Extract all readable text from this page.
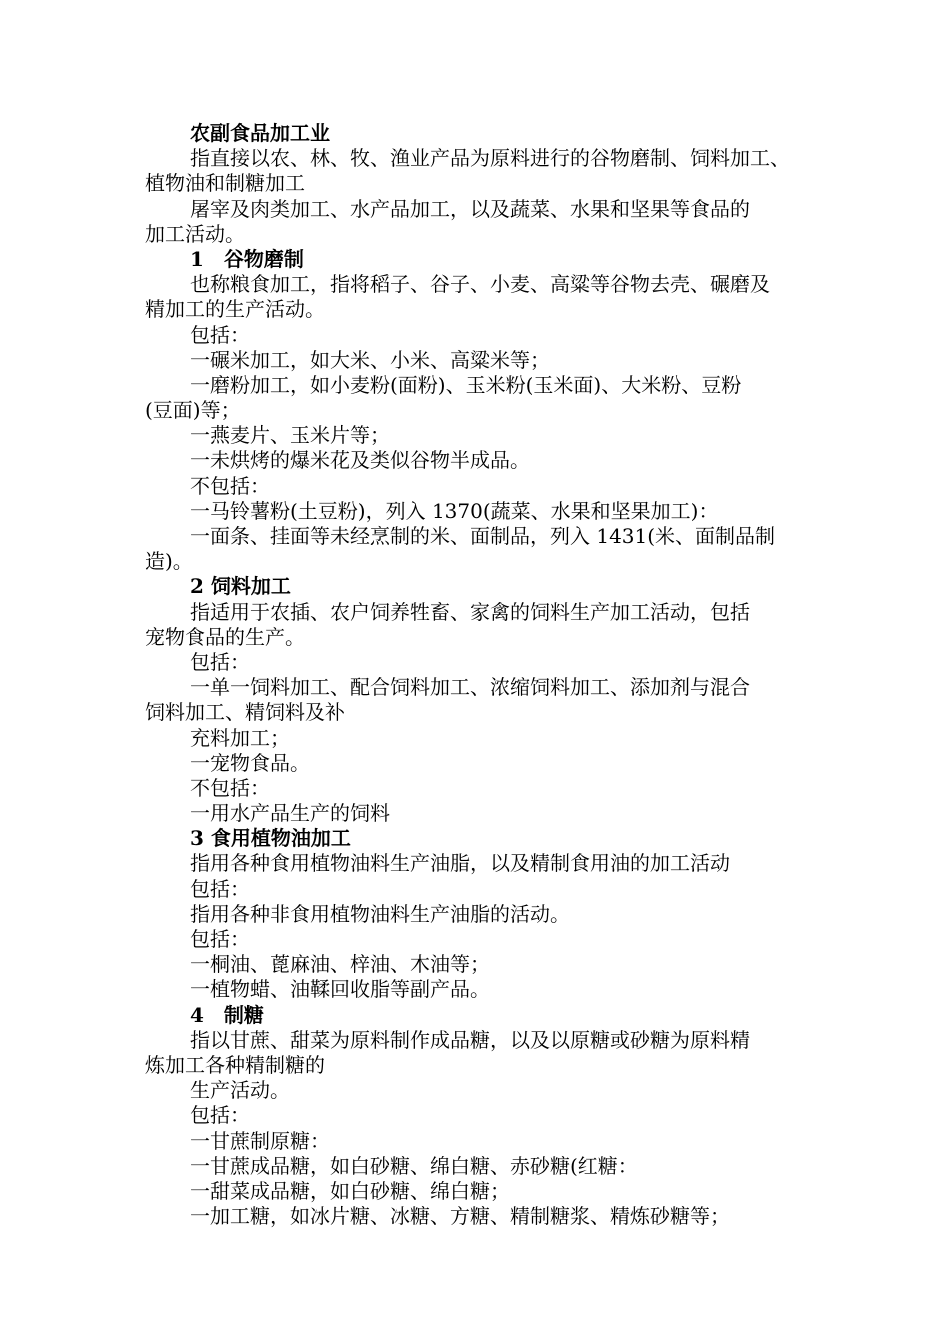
农副食品加工业
指直接以农、林、牧、渔业产品为原料进行的谷物磨制、饲料加工、
植物油和制糖加工
屠宰及肉类加工、水产品加工，以及蔬菜、水果和坚果等食品的
加工活动。
1　谷物磨制
也称粮食加工，指将稻子、谷子、小麦、高粱等谷物去壳、碾磨及
精加工的生产活动。
包括：
一碾米加工，如大米、小米、高粱米等；
一磨粉加工，如小麦粉(面粉)、玉米粉(玉米面)、大米粉、豆粉
(豆面)等；
一燕麦片、玉米片等；
一未烘烤的爆米花及类似谷物半成品。
不包括：
一马铃薯粉(土豆粉)，列入 1370(蔬菜、水果和坚果加工)：
一面条、挂面等未经烹制的米、面制品，列入 1431(米、面制品制
造)。
2 饲料加工
指适用于农插、农户饲养牲畜、家禽的饲料生产加工活动，包括
宠物食品的生产。
包括：
一单一饲料加工、配合饲料加工、浓缩饲料加工、添加剂与混合
饲料加工、精饲料及补
充料加工；
一宠物食品。
不包括：
一用水产品生产的饲料
3 食用植物油加工
指用各种食用植物油料生产油脂，以及精制食用油的加工活动
包括：
指用各种非食用植物油料生产油脂的活动。
包括：
一桐油、蓖麻油、梓油、木油等；
一植物蜡、油鞣回收脂等副产品。
4　制糖
指以甘蔗、甜菜为原料制作成品糖，以及以原糖或砂糖为原料精
炼加工各种精制糖的
生产活动。
包括：
一甘蔗制原糖：
一甘蔗成品糖，如白砂糖、绵白糖、赤砂糖(红糖：
一甜菜成品糖，如白砂糖、绵白糖；
一加工糖，如冰片糖、冰糖、方糖、精制糖浆、精炼砂糖等；
